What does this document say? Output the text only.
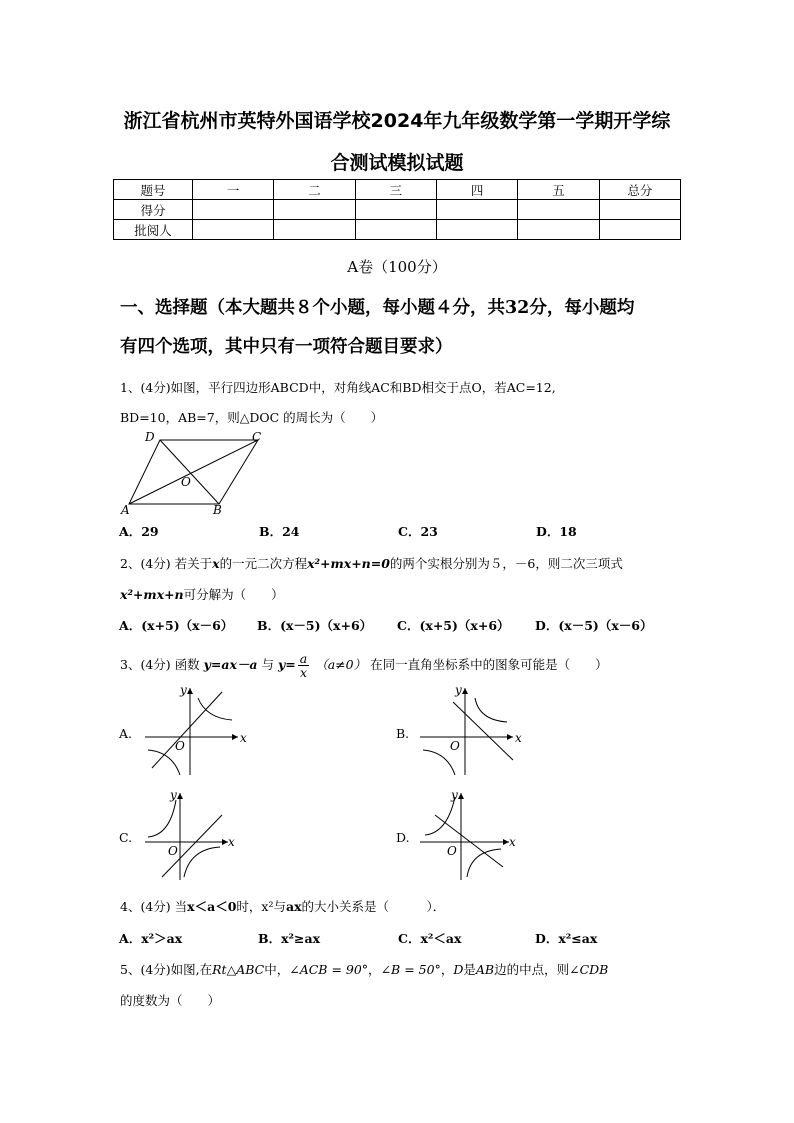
浙江省杭州市英特外国语学校2024年九年级数学第一学期开学综
合测试模拟试题
题号	一	二	三	四	五	总分
得分						
批阅人						
A卷（100分）
一、选择题（本大题共８个小题，每小题４分，共32分，每小题均
有四个选项，其中只有一项符合题目要求）
1、(4分)如图，平行四边形ABCD中，对角线AC和BD相交于点O，若AC=12,
BD=10，AB=7，则△DOC 的周长为（　　）
D	C
A	B
O
A．29	B．24	C．23	D．18
2、(4分) 若关于x的一元二次方程x²+mx+n=0的两个实根分别为５，－6，则二次三项式
x²+mx+n可分解为（　　）
A．(x+5)（x－6） B．(x－5)（x+6） C．(x+5)（x+6） D．(x－5)（x－6）
3、(4分) 函数 y=ax－a 与 $y= \frac{a}{x} (a\ne 0)$ 在同一直角坐标系中的图象可能是（　　）
A.	B.
C.	D.
x
y
O
x
y
O
x
y
O
x
y
O
4、(4分) 当x＜a＜0时，x²与ax的大小关系是（　　　）．
A．x²＞ax	B．x²≥ax	C．x²＜ax	D．x²≤ax
5、(4分)如图,在Rt△ABC中，∠ACB = 90°，∠B = 50°，D是AB边的中点，则∠CDB
的度数为（　　）
